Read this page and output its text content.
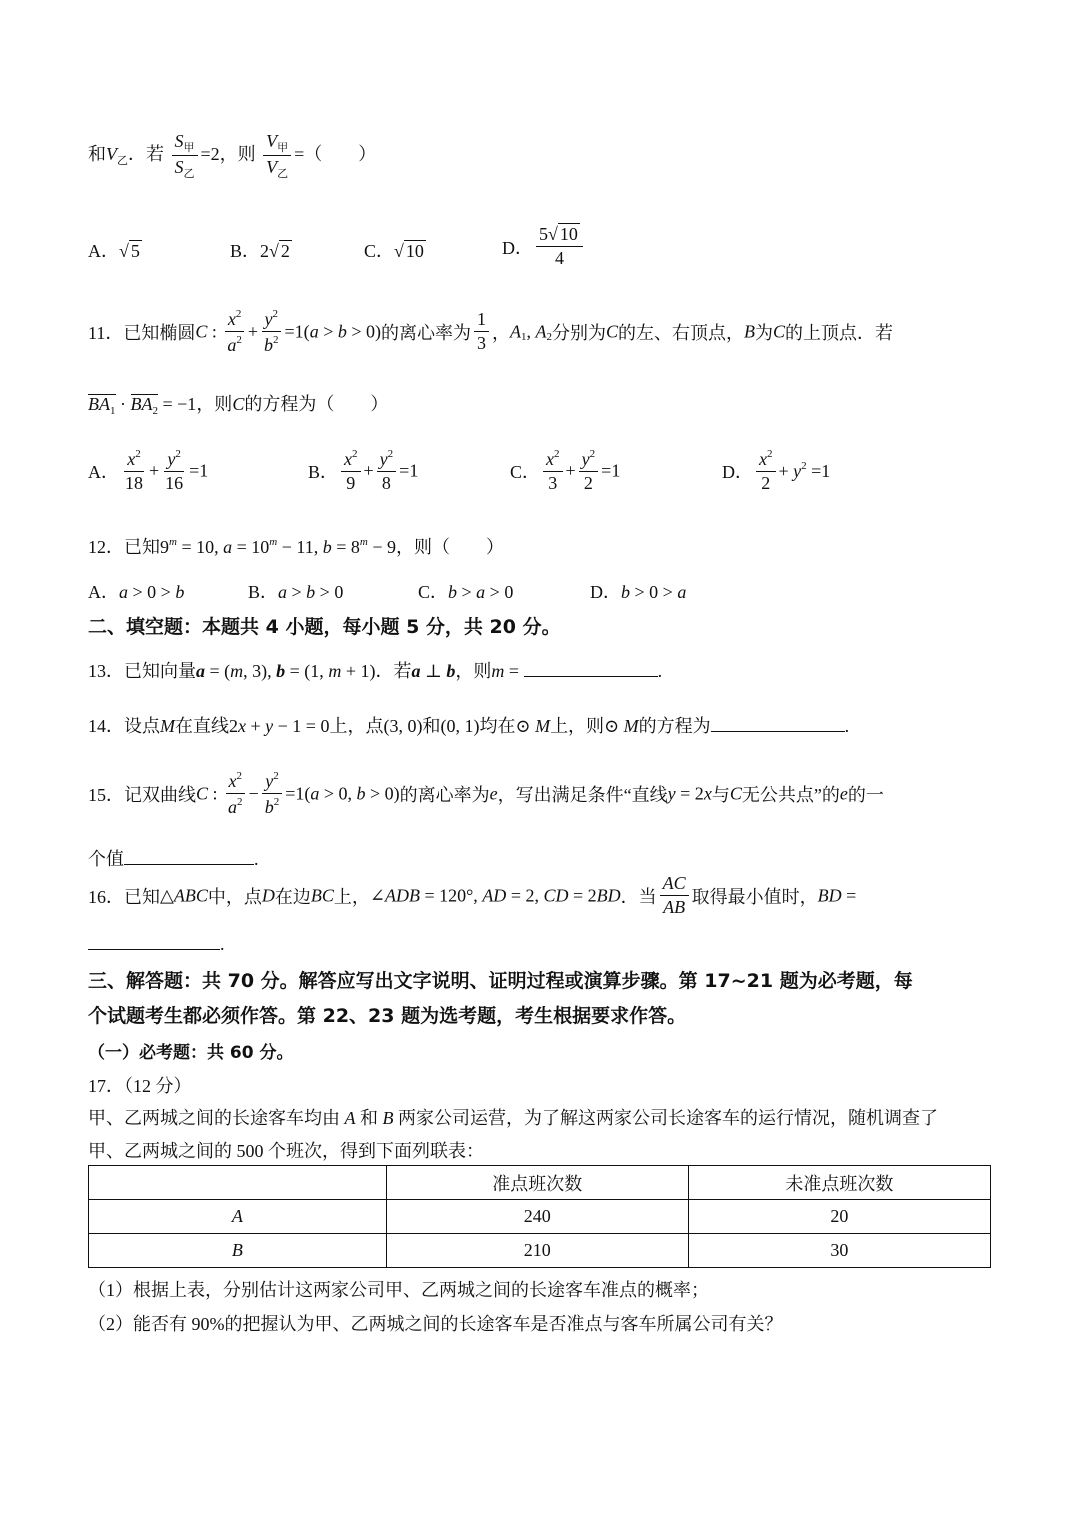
和$V_乙$．若 $\frac{S_甲}{S_乙} =2$，则 $\frac{V_甲}{V_乙}$ =（　　）
A．√ 5	B．2√ 2	C．√ 10	D． $\frac{5√ 10}{4}$
11．已知椭圆C : $\frac{x^2}{a^2} + \frac{y^2}{b^2} =1(a > b > 0)$的离心率为 $\frac{1}{3}$ ，$A_1$, $A_2$分别为C的左、右顶点，B为C的上顶点．若
$BA_1 \cdot BA_2 = -1$，则C的方程为（　　）
A． $\frac{x^2}{18} + \frac{y^2}{16} =1$	B． $\frac{x^2}{9} + \frac{y^2}{8} =1$	C． $\frac{x^2}{3} + \frac{y^2}{2} =1$	D． $\frac{x^2}{2} + y^2 =1$
12．已知$9^m = 10$, $a = 10^m - 11$, $b = 8^m - 9$，则（　　）
A．a > 0 > b	B．a > b > 0	C．b > a > 0	D．b > 0 > a
二、填空题：本题共 4 小题，每小题 5 分，共 20 分。
13．已知向量a = (m, 3), b = (1, m + 1)．若a ⊥ b，则m =	.
14．设点M在直线2x + y − 1 = 0上，点(3, 0)和(0, 1)均在⊙ M上，则⊙ M的方程为	.
15．记双曲线C : $\frac{x^2}{a^2} - \frac{y^2}{b^2} =1(a > 0$, b > 0)的离心率为e，写出满足条件“直线y = 2x与C无公共点”的e的一
个值	.
16．已知△ABC中，点D在边BC上，∠ADB = 120°, AD = 2, CD = 2BD．当 $\frac{AC}{AB}$ 取得最小值时，BD =
.
三、解答题：共 70 分。解答应写出文字说明、证明过程或演算步骤。第 17~21 题为必考题，每
个试题考生都必须作答。第 22、23 题为选考题，考生根据要求作答。
（一）必考题：共 60 分。
17．（12 分）
甲、乙两城之间的长途客车均由 A 和 B 两家公司运营，为了解这两家公司长途客车的运行情况，随机调查了
甲、乙两城之间的 500 个班次，得到下面列联表：
	准点班次数	未准点班次数
A	240	20
B	210	30
（1）根据上表，分别估计这两家公司甲、乙两城之间的长途客车准点的概率；
（2）能否有 90%的把握认为甲、乙两城之间的长途客车是否准点与客车所属公司有关？
